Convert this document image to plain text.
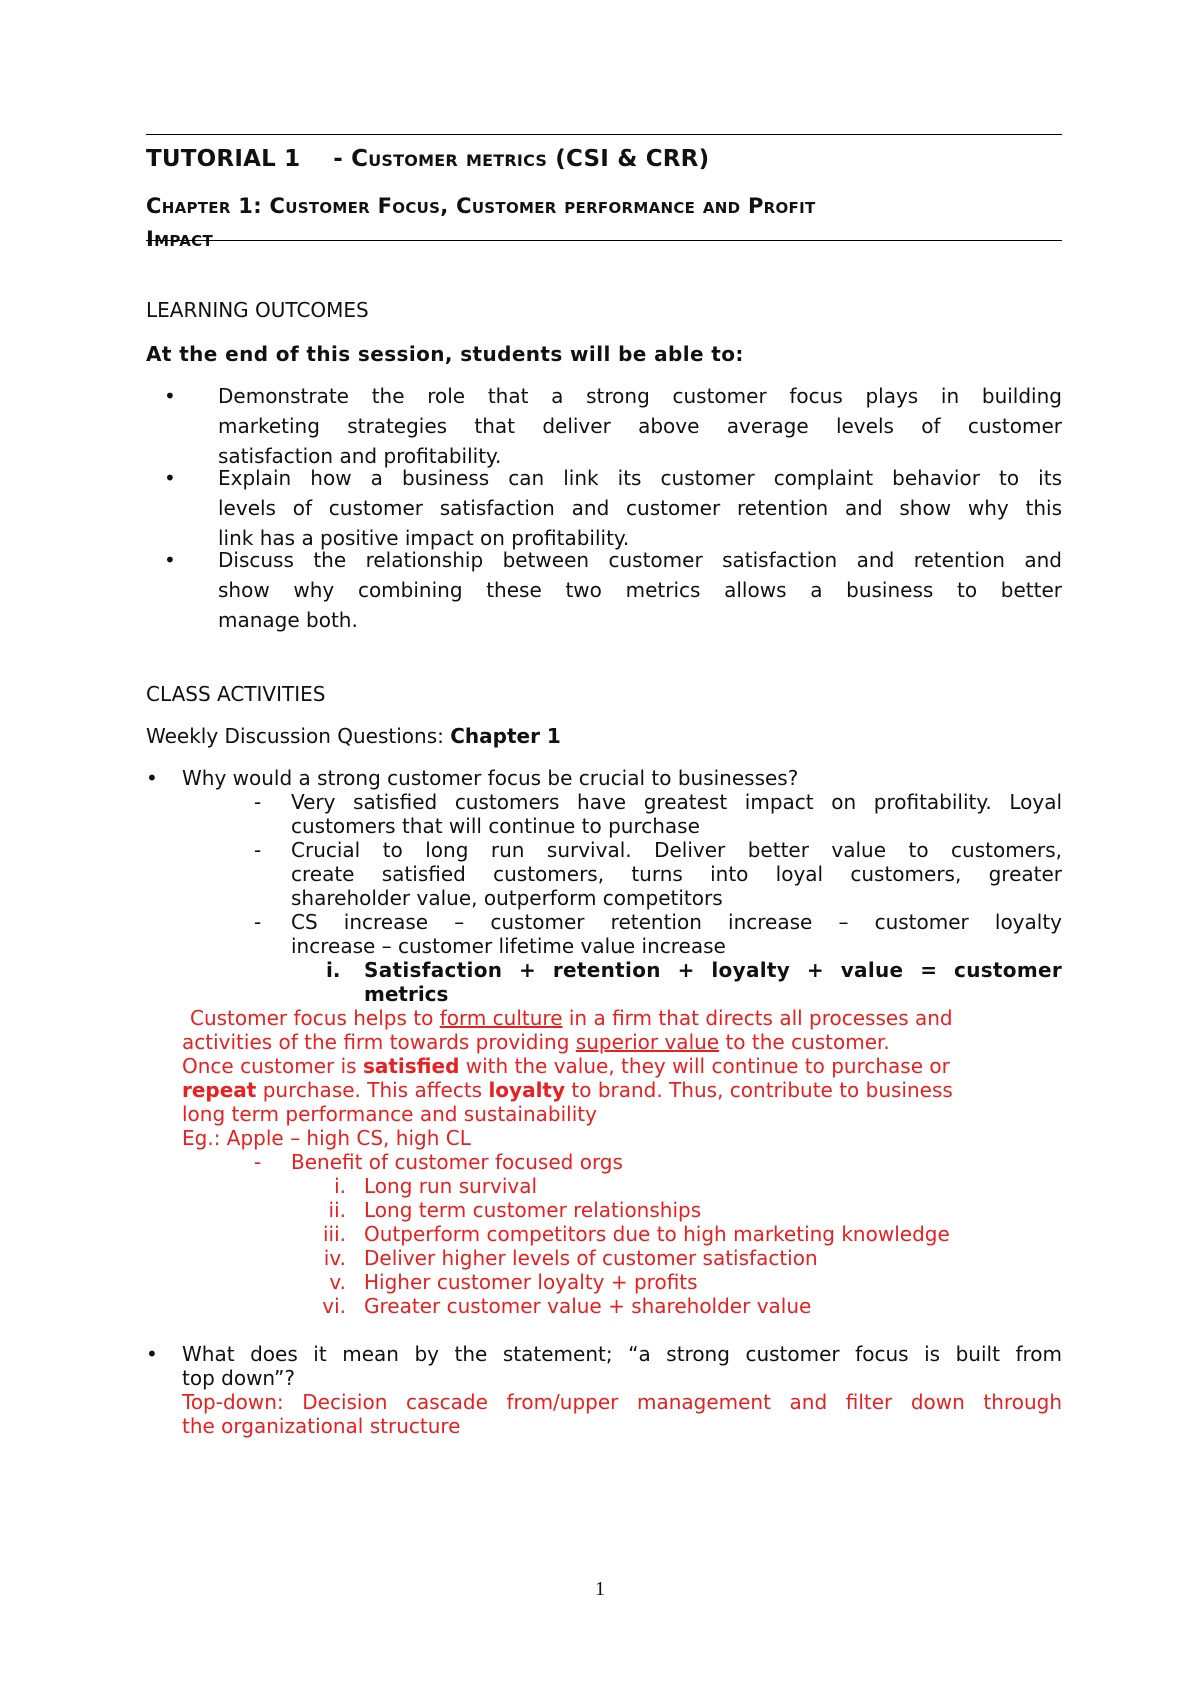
TUTORIAL 1 - Customer metrics (CSI & CRR)
Chapter 1: Customer Focus, Customer performance and Profit
Impact
LEARNING OUTCOMES
At the end of this session, students will be able to:
• Demonstrate the role that a strong customer focus plays in building
marketing strategies that deliver above average levels of customer
satisfaction and profitability.
• Explain how a business can link its customer complaint behavior to its
levels of customer satisfaction and customer retention and show why this
link has a positive impact on profitability.
• Discuss the relationship between customer satisfaction and retention and
show why combining these two metrics allows a business to better
manage both.
CLASS ACTIVITIES
Weekly Discussion Questions: Chapter 1
• Why would a strong customer focus be crucial to businesses?
- Very satisfied customers have greatest impact on profitability. Loyal
customers that will continue to purchase
- Crucial to long run survival. Deliver better value to customers,
create satisfied customers, turns into loyal customers, greater
shareholder value, outperform competitors
- CS increase – customer retention increase – customer loyalty
increase – customer lifetime value increase
i. Satisfaction + retention + loyalty + value = customer
metrics
Customer focus helps to form culture in a firm that directs all processes and
activities of the firm towards providing superior value to the customer.
Once customer is satisfied with the value, they will continue to purchase or
repeat purchase. This affects loyalty to brand. Thus, contribute to business
long term performance and sustainability
Eg.: Apple – high CS, high CL
- Benefit of customer focused orgs
i. Long run survival
ii. Long term customer relationships
iii. Outperform competitors due to high marketing knowledge
iv. Deliver higher levels of customer satisfaction
v. Higher customer loyalty + profits
vi. Greater customer value + shareholder value
• What does it mean by the statement; “a strong customer focus is built from
top down”?
Top-down: Decision cascade from/upper management and filter down through
the organizational structure
1
